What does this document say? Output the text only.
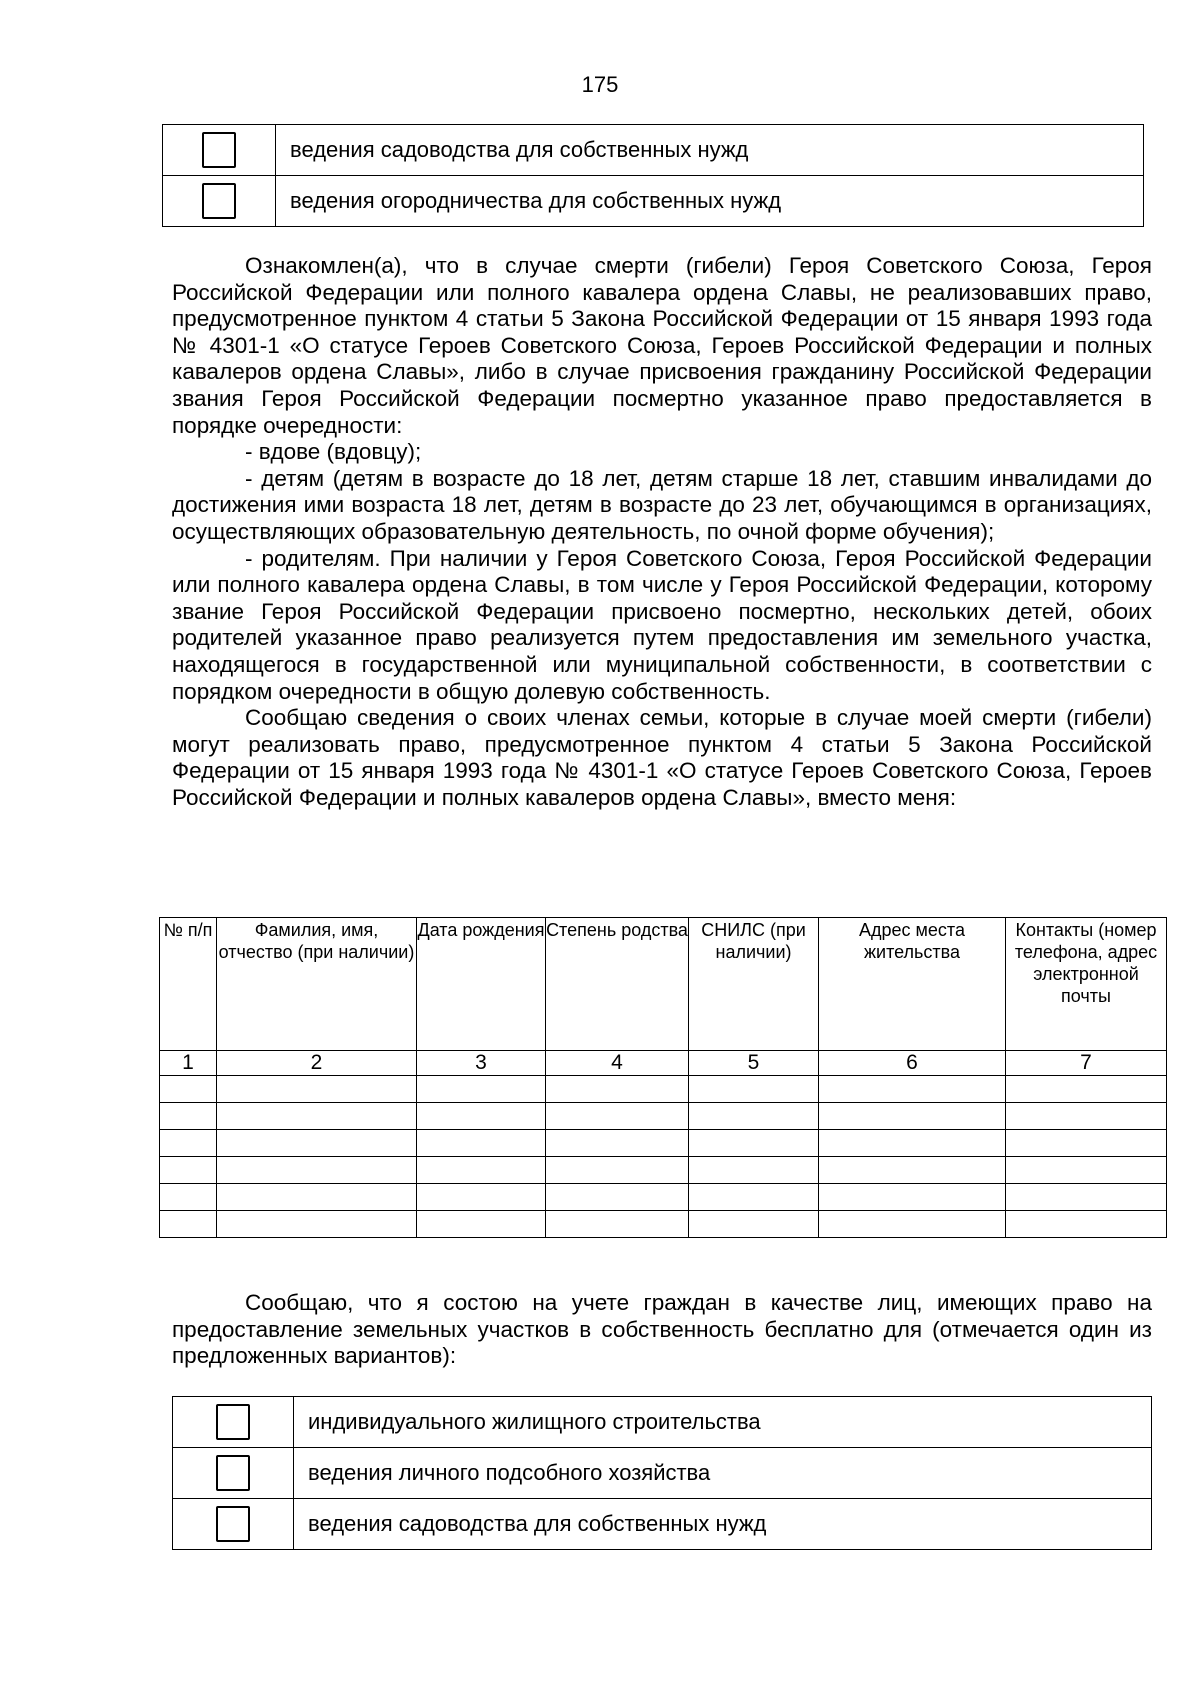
175
	ведения садоводства для собственных нужд
	ведения огородничества для собственных нужд

Ознакомлен(а), что в случае смерти (гибели) Героя Советского Союза, Героя Российской Федерации или полного кавалера ордена Славы, не реализовавших право, предусмотренное пунктом 4 статьи 5 Закона Российской Федерации от 15 января 1993 года № 4301-1 «О статусе Героев Советского Союза, Героев Российской Федерации и полных кавалеров ордена Славы», либо в случае присвоения гражданину Российской Федерации звания Героя Российской Федерации посмертно указанное право предоставляется в порядке очередности:

- вдове (вдовцу);

- детям (детям в возрасте до 18 лет, детям старше 18 лет, ставшим инвалидами до достижения ими возраста 18 лет, детям в возрасте до 23 лет, обучающимся в организациях, осуществляющих образовательную деятельность, по очной форме обучения);

- родителям. При наличии у Героя Советского Союза, Героя Российской Федерации или полного кавалера ордена Славы, в том числе у Героя Российской Федерации, которому звание Героя Российской Федерации присвоено посмертно, нескольких детей, обоих родителей указанное право реализуется путем предоставления им земельного участка, находящегося в государственной или муниципальной собственности, в соответствии с порядком очередности в общую долевую собственность.

Сообщаю сведения о своих членах семьи, которые в случае моей смерти (гибели) могут реализовать право, предусмотренное пунктом 4 статьи 5 Закона Российской Федерации от 15 января 1993 года № 4301-1 «О статусе Героев Советского Союза, Героев Российской Федерации и полных кавалеров ордена Славы», вместо меня:

№ п/п	Фамилия, имя, отчество (при наличии)	Дата рождения	Степень родства	СНИЛС (при наличии)	Адрес места жительства	Контакты (номер телефона, адрес электронной почты
1	2	3	4	5	6	7

Сообщаю, что я состою на учете граждан в качестве лиц, имеющих право на предоставление земельных участков в собственность бесплатно для (отмечается один из предложенных вариантов):

	индивидуального жилищного строительства
	ведения личного подсобного хозяйства
	ведения садоводства для собственных нужд
